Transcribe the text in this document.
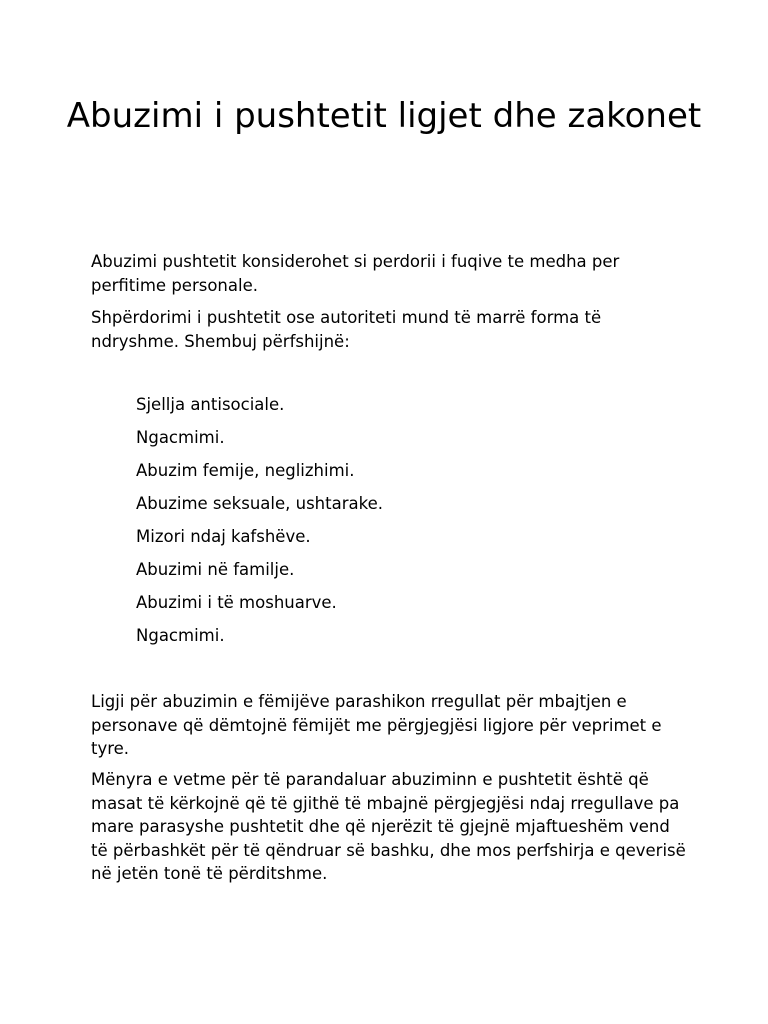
Abuzimi i pushtetit ligjet dhe zakonet

Abuzimi pushtetit konsiderohet si perdorii i fuqive te medha per perfitime personale.

Shpërdorimi i pushtetit ose autoriteti mund të marrë forma të ndryshme. Shembuj përfshijnë:

Sjellja antisociale.
Ngacmimi.
Abuzim femije, neglizhimi.
Abuzime seksuale, ushtarake.
Mizori ndaj kafshëve.
Abuzimi në familje.
Abuzimi i të moshuarve.
Ngacmimi.

Ligji për abuzimin e fëmijëve parashikon rregullat për mbajtjen e personave që dëmtojnë fëmijët me përgjegjësi ligjore për veprimet e tyre.

Mënyra e vetme për të parandaluar abuziminn e pushtetit është që masat të kërkojnë që të gjithë të mbajnë përgjegjësi ndaj rregullave pa mare parasyshe pushtetit dhe që njerëzit të gjejnë mjaftueshëm vend të përbashkët për të qëndruar së bashku, dhe mos perfshirja e qeverisë në jetën tonë të përditshme.
